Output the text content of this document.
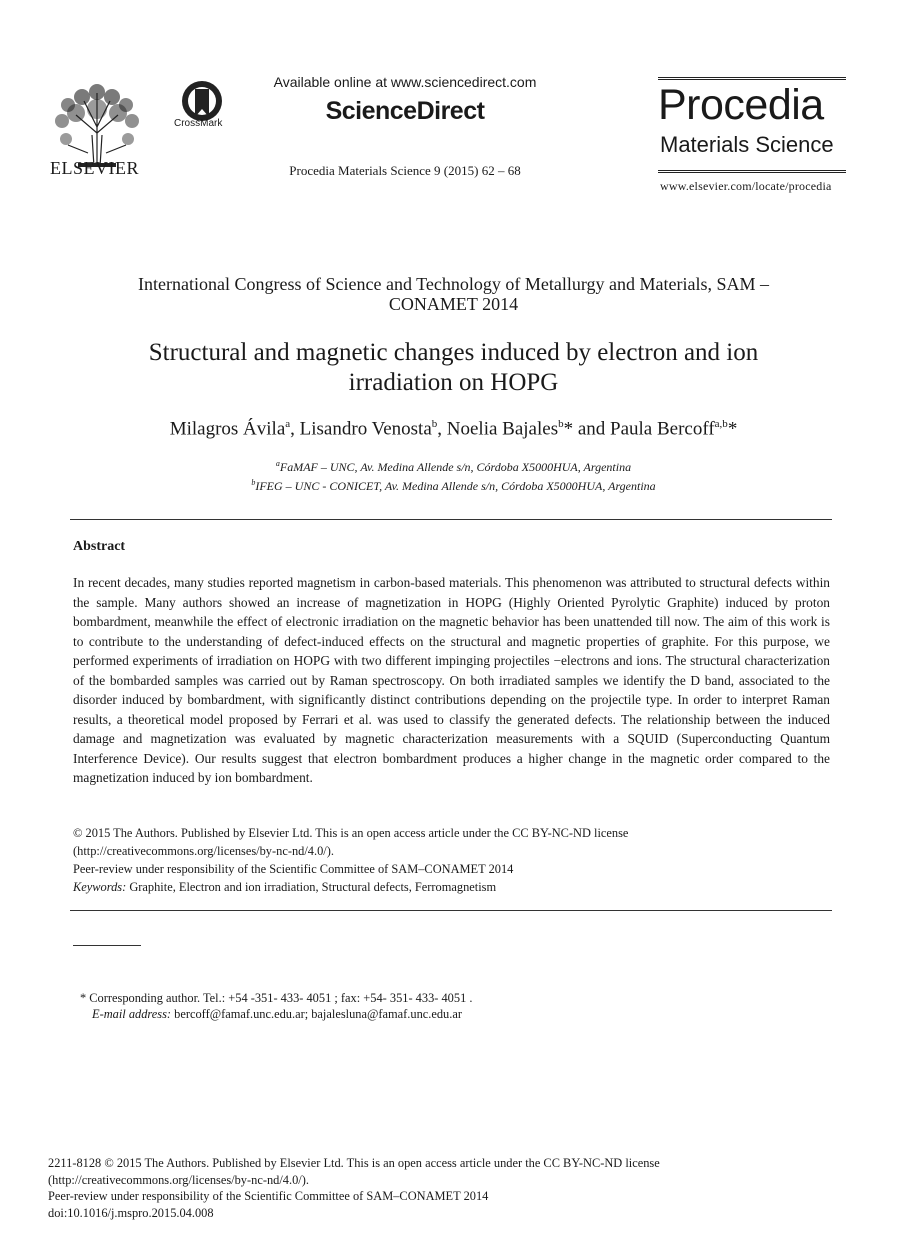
ELSEVIER
CrossMark
Available online at www.sciencedirect.com
ScienceDirect
Procedia Materials Science 9 (2015) 62 – 68
Procedia
Materials Science
www.elsevier.com/locate/procedia
International Congress of Science and Technology of Metallurgy and Materials, SAM –
CONAMET 2014
Structural and magnetic changes induced by electron and ion
irradiation on HOPG
Milagros Ávila$^a$, Lisandro Venosta$^b$, Noelia Bajales$^b$* and Paula Bercoff$^{a,b}$*
$^a$FaMAF – UNC, Av. Medina Allende s/n, Córdoba X5000HUA, Argentina
$^b$IFEG – UNC - CONICET, Av. Medina Allende s/n, Córdoba X5000HUA, Argentina
Abstract
In recent decades, many studies reported magnetism in carbon-based materials. This phenomenon was attributed to structural defects within the sample. Many authors showed an increase of magnetization in HOPG (Highly Oriented Pyrolytic Graphite) induced by proton bombardment, meanwhile the effect of electronic irradiation on the magnetic behavior has been unattended till now. The aim of this work is to contribute to the understanding of defect-induced effects on the structural and magnetic properties of graphite. For this purpose, we performed experiments of irradiation on HOPG with two different impinging projectiles −electrons and ions. The structural characterization of the bombarded samples was carried out by Raman spectroscopy. On both irradiated samples we identify the D band, associated to the disorder induced by bombardment, with significantly distinct contributions depending on the projectile type. In order to interpret Raman results, a theoretical model proposed by Ferrari et al. was used to classify the generated defects. The relationship between the induced damage and magnetization was evaluated by magnetic characterization measurements with a SQUID (Superconducting Quantum Interference Device). Our results suggest that electron bombardment produces a higher change in the magnetic order compared to the magnetization induced by ion bombardment.
© 2015 The Authors. Published by Elsevier Ltd. This is an open access article under the CC BY-NC-ND license
(http://creativecommons.org/licenses/by-nc-nd/4.0/).
Peer-review under responsibility of the Scientific Committee of SAM–CONAMET 2014
Keywords: Graphite, Electron and ion irradiation, Structural defects, Ferromagnetism
* Corresponding author. Tel.: +54 -351- 433- 4051 ; fax: +54- 351- 433- 4051 .
E-mail address: bercoff@famaf.unc.edu.ar; bajalesluna@famaf.unc.edu.ar
2211-8128 © 2015 The Authors. Published by Elsevier Ltd. This is an open access article under the CC BY-NC-ND license
(http://creativecommons.org/licenses/by-nc-nd/4.0/).
Peer-review under responsibility of the Scientific Committee of SAM–CONAMET 2014
doi:10.1016/j.mspro.2015.04.008
